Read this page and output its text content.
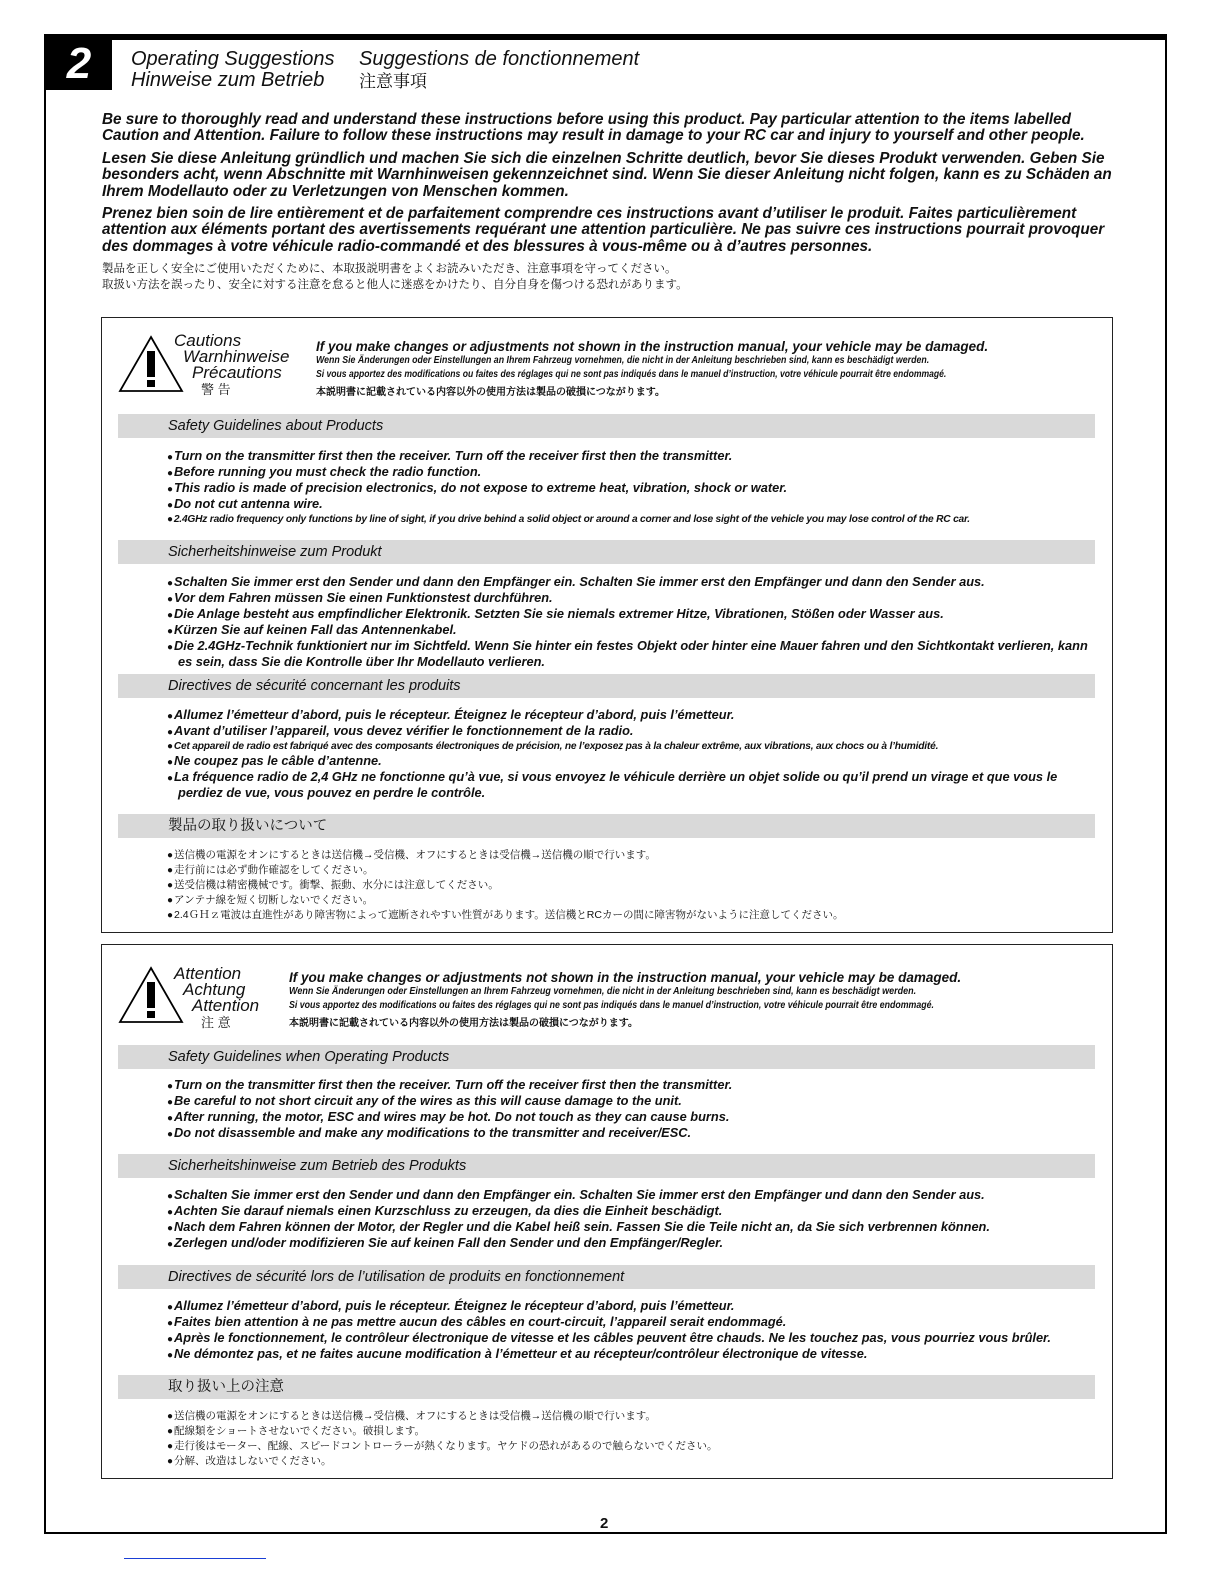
2	Operating Suggestions Suggestions de fonctionnement
Hinweise zum Betrieb 注意事項

Be sure to thoroughly read and understand these instructions before using this product. Pay particular attention to the items labelled Caution and Attention. Failure to follow these instructions may result in damage to your RC car and injury to yourself and other people.

Lesen Sie diese Anleitung gründlich und machen Sie sich die einzelnen Schritte deutlich, bevor Sie dieses Produkt verwenden. Geben Sie besonders acht, wenn Abschnitte mit Warnhinweisen gekennzeichnet sind. Wenn Sie dieser Anleitung nicht folgen, kann es zu Schäden an Ihrem Modellauto oder zu Verletzungen von Menschen kommen.

Prenez bien soin de lire entièrement et de parfaitement comprendre ces instructions avant d’utiliser le produit. Faites particulièrement attention aux éléments portant des avertissements requérant une attention particulière. Ne pas suivre ces instructions pourrait provoquer des dommages à votre véhicule radio-commandé et des blessures à vous-même ou à d’autres personnes.

製品を正しく安全にご使用いただくために、本取扱説明書をよくお読みいただき、注意事項を守ってください。

取扱い方法を誤ったり、安全に対する注意を怠ると他人に迷惑をかけたり、自分自身を傷つける恐れがあります。

Cautions
Warnhinweise
Précautions
警 告
If you make changes or adjustments not shown in the instruction manual, your vehicle may be damaged.
Wenn Sie Änderungen oder Einstellungen an Ihrem Fahrzeug vornehmen, die nicht in der Anleitung beschrieben sind, kann es beschädigt werden.
Si vous apportez des modifications ou faites des réglages qui ne sont pas indiqués dans le manuel d’instruction, votre véhicule pourrait être endommagé.
本説明書に記載されている内容以外の使用方法は製品の破損につながります。
Safety Guidelines about Products
● Turn on the transmitter first then the receiver. Turn off the receiver first then the transmitter.
● Before running you must check the radio function.
● This radio is made of precision electronics, do not expose to extreme heat, vibration, shock or water.
● Do not cut antenna wire.
● 2.4GHz radio frequency only functions by line of sight, if you drive behind a solid object or around a corner and lose sight of the vehicle you may lose control of the RC car.
Sicherheitshinweise zum Produkt
● Schalten Sie immer erst den Sender und dann den Empfänger ein. Schalten Sie immer erst den Empfänger und dann den Sender aus.
● Vor dem Fahren müssen Sie einen Funktionstest durchführen.
● Die Anlage besteht aus empfindlicher Elektronik. Setzten Sie sie niemals extremer Hitze, Vibrationen, Stößen oder Wasser aus.
● Kürzen Sie auf keinen Fall das Antennenkabel.
● Die 2.4GHz-Technik funktioniert nur im Sichtfeld. Wenn Sie hinter ein festes Objekt oder hinter eine Mauer fahren und den Sichtkontakt verlieren, kann es sein, dass Sie die Kontrolle über Ihr Modellauto verlieren.
Directives de sécurité concernant les produits
● Allumez l’émetteur d’abord, puis le récepteur. Éteignez le récepteur d’abord, puis l’émetteur.
● Avant d’utiliser l’appareil, vous devez vérifier le fonctionnement de la radio.
● Cet appareil de radio est fabriqué avec des composants électroniques de précision, ne l’exposez pas à la chaleur extrême, aux vibrations, aux chocs ou à l’humidité.
● Ne coupez pas le câble d’antenne.
● La fréquence radio de 2,4 GHz ne fonctionne qu’à vue, si vous envoyez le véhicule derrière un objet solide ou qu’il prend un virage et que vous le perdiez de vue, vous pouvez en perdre le contrôle.
製品の取り扱いについて
● 送信機の電源をオンにするときは送信機→受信機、オフにするときは受信機→送信機の順で行います。
● 走行前には必ず動作確認をしてください。
● 送受信機は精密機械です。衝撃、振動、水分には注意してください。
● アンテナ線を短く切断しないでください。
● 2.4ＧＨｚ電波は直進性があり障害物によって遮断されやすい性質があります。送信機とRCカーの間に障害物がないように注意してください。
Attention
Achtung
Attention
注 意
If you make changes or adjustments not shown in the instruction manual, your vehicle may be damaged.
Wenn Sie Änderungen oder Einstellungen an Ihrem Fahrzeug vornehmen, die nicht in der Anleitung beschrieben sind, kann es beschädigt werden.
Si vous apportez des modifications ou faites des réglages qui ne sont pas indiqués dans le manuel d’instruction, votre véhicule pourrait être endommagé.
本説明書に記載されている内容以外の使用方法は製品の破損につながります。
Safety Guidelines when Operating Products
● Turn on the transmitter first then the receiver. Turn off the receiver first then the transmitter.
● Be careful to not short circuit any of the wires as this will cause damage to the unit.
● After running, the motor, ESC and wires may be hot. Do not touch as they can cause burns.
● Do not disassemble and make any modifications to the transmitter and receiver/ESC.
Sicherheitshinweise zum Betrieb des Produkts
● Schalten Sie immer erst den Sender und dann den Empfänger ein. Schalten Sie immer erst den Empfänger und dann den Sender aus.
● Achten Sie darauf niemals einen Kurzschluss zu erzeugen, da dies die Einheit beschädigt.
● Nach dem Fahren können der Motor, der Regler und die Kabel heiß sein. Fassen Sie die Teile nicht an, da Sie sich verbrennen können.
● Zerlegen und/oder modifizieren Sie auf keinen Fall den Sender und den Empfänger/Regler.
Directives de sécurité lors de l’utilisation de produits en fonctionnement
● Allumez l’émetteur d’abord, puis le récepteur. Éteignez le récepteur d’abord, puis l’émetteur.
● Faites bien attention à ne pas mettre aucun des câbles en court-circuit, l’appareil serait endommagé.
● Après le fonctionnement, le contrôleur électronique de vitesse et les câbles peuvent être chauds. Ne les touchez pas, vous pourriez vous brûler.
● Ne démontez pas, et ne faites aucune modification à l’émetteur et au récepteur/contrôleur électronique de vitesse.
取り扱い上の注意
● 送信機の電源をオンにするときは送信機→受信機、オフにするときは受信機→送信機の順で行います。
● 配線類をショートさせないでください。破損します。
● 走行後はモーター、配線、スピードコントローラーが熱くなります。ヤケドの恐れがあるので触らないでください。
● 分解、改造はしないでください。
2
